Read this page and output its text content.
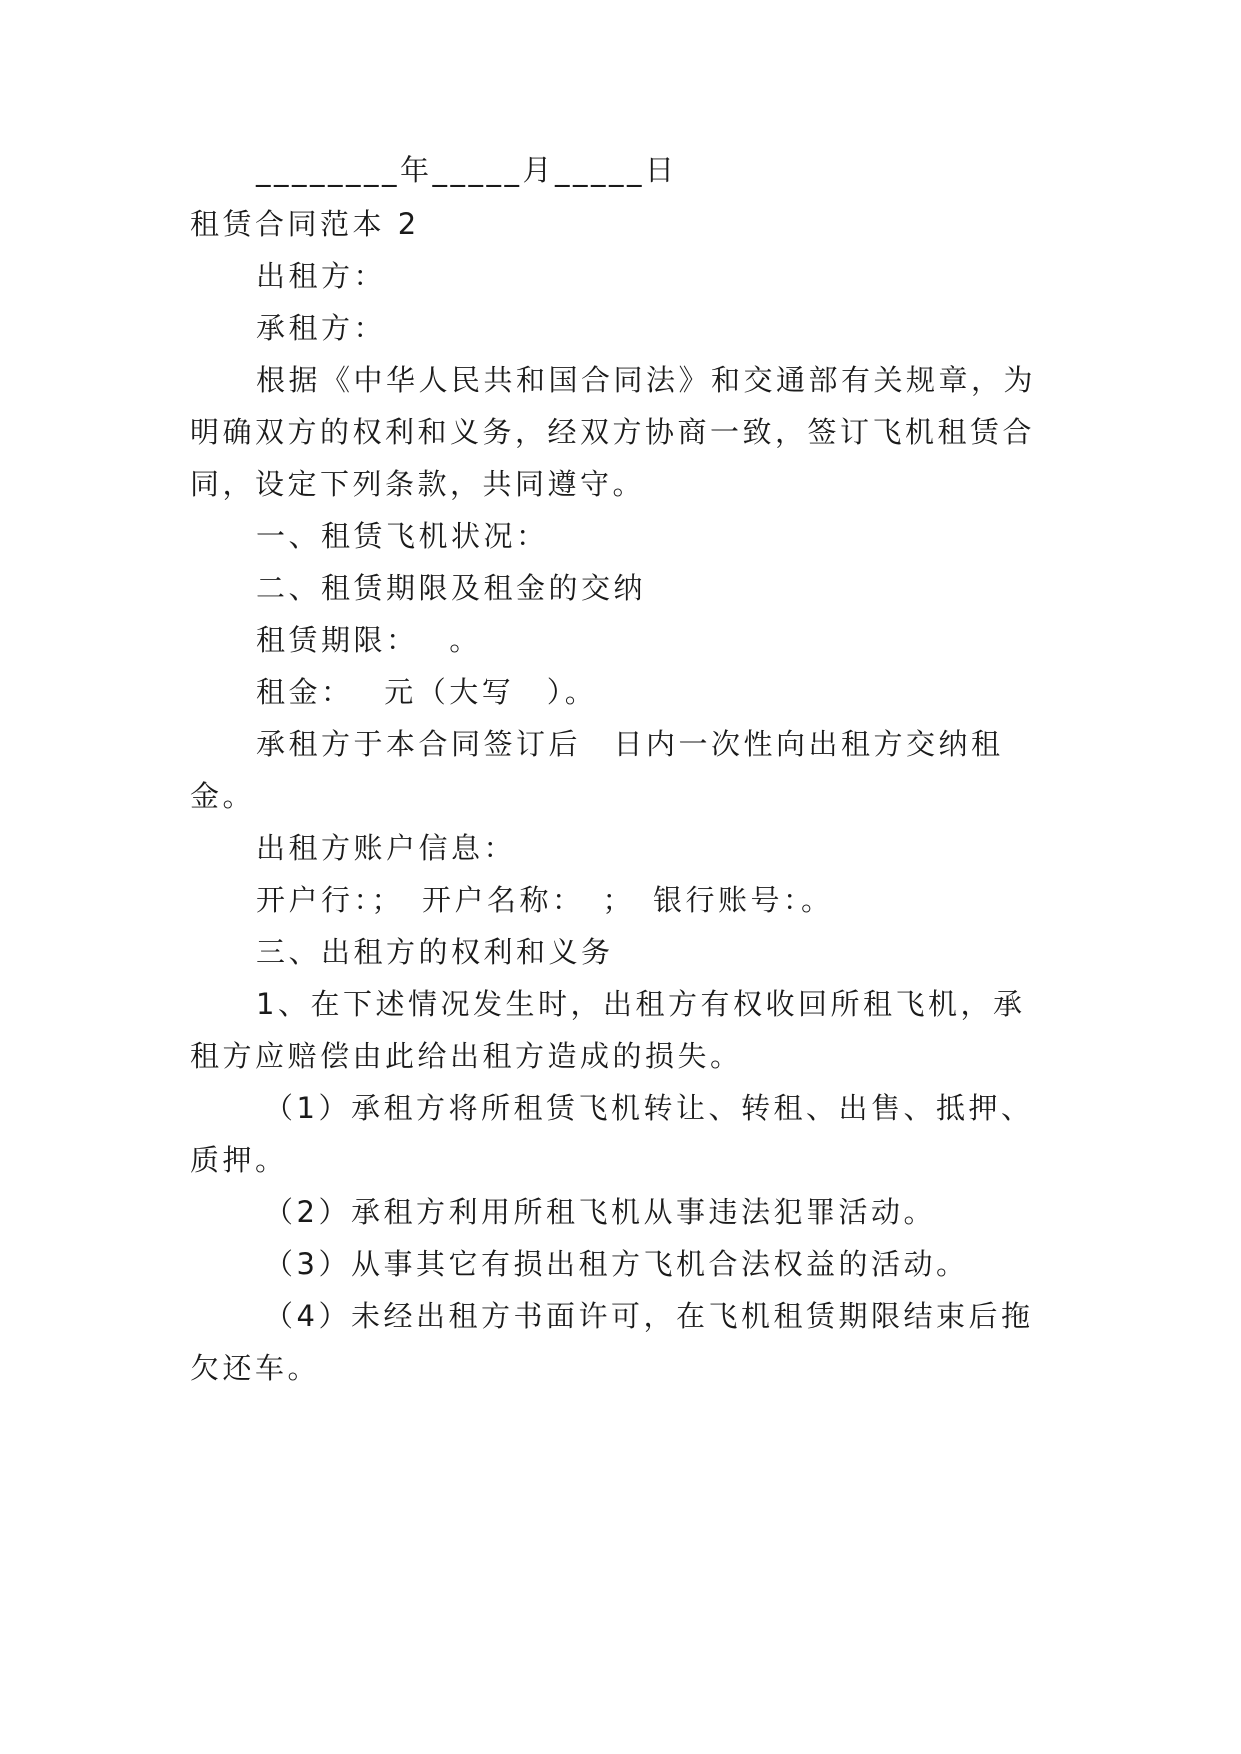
________年_____月_____日
租赁合同范本 2
出租方：
承租方：
根据《中华人民共和国合同法》和交通部有关规章，为
明确双方的权利和义务，经双方协商一致，签订飞机租赁合
同，设定下列条款，共同遵守。
一、租赁飞机状况：
二、租赁期限及租金的交纳
租赁期限：　 。
租金：　 元（大写　）。
承租方于本合同签订后　日内一次性向出租方交纳租
金。
出租方账户信息：
开户行：；　开户名称：　；　银行账号：。
三、出租方的权利和义务
1、在下述情况发生时，出租方有权收回所租飞机，承
租方应赔偿由此给出租方造成的损失。
（1）承租方将所租赁飞机转让、转租、出售、抵押、
质押。
（2）承租方利用所租飞机从事违法犯罪活动。
（3）从事其它有损出租方飞机合法权益的活动。
（4）未经出租方书面许可，在飞机租赁期限结束后拖
欠还车。
